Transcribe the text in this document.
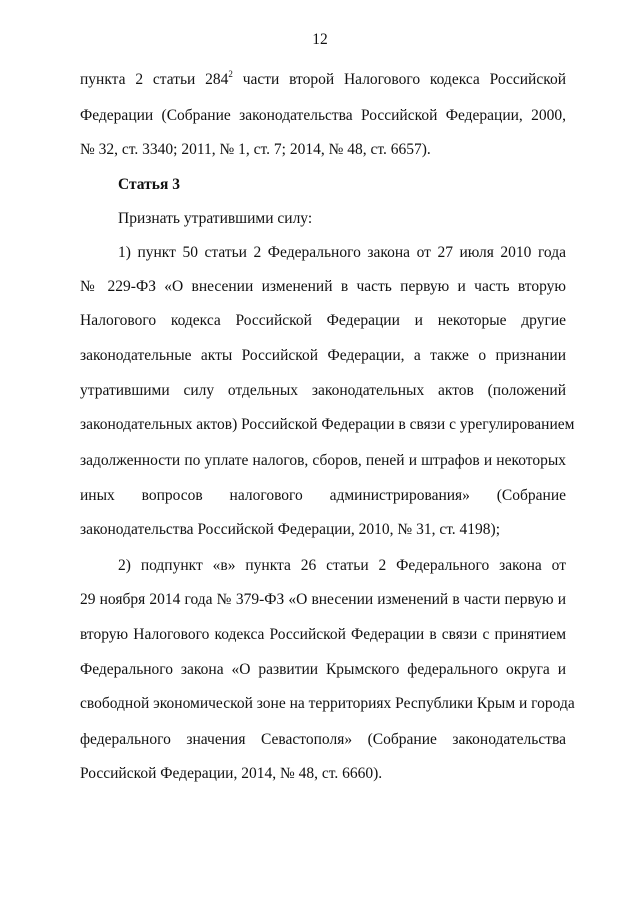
12
пункта 2 статьи $284^2$ части второй Налогового кодекса Российской
Федерации (Собрание законодательства Российской Федерации, 2000,
№ 32, ст. 3340; 2011, № 1, ст. 7; 2014, № 48, ст. 6657).
Статья 3
Признать утратившими силу:
1) пункт 50 статьи 2 Федерального закона от 27 июля 2010 года
№ 229-ФЗ «О внесении изменений в часть первую и часть вторую
Налогового кодекса Российской Федерации и некоторые другие
законодательные акты Российской Федерации, а также о признании
утратившими силу отдельных законодательных актов (положений
законодательных актов) Российской Федерации в связи с урегулированием
задолженности по уплате налогов, сборов, пеней и штрафов и некоторых
иных вопросов налогового администрирования» (Собрание
законодательства Российской Федерации, 2010, № 31, ст. 4198);
2) подпункт «в» пункта 26 статьи 2 Федерального закона от
29 ноября 2014 года № 379-ФЗ «О внесении изменений в части первую и
вторую Налогового кодекса Российской Федерации в связи с принятием
Федерального закона «О развитии Крымского федерального округа и
свободной экономической зоне на территориях Республики Крым и города
федерального значения Севастополя» (Собрание законодательства
Российской Федерации, 2014, № 48, ст. 6660).
